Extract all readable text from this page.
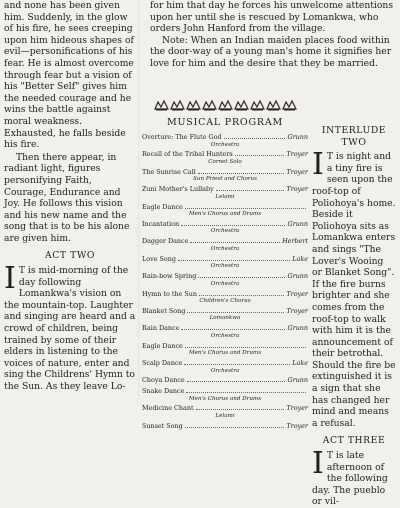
and none has been given him. Suddenly, in the glow of his fire, he sees creeping upon him hideous shapes of evil—personifications of his fear. He is almost overcome through fear but a vision of his "Better Self" gives him the needed courage and he wins the battle against moral weakness. Exhausted, he falls beside his fire.

Then there appear, in radiant light, figures personifying Faith, Courage, Endurance and Joy. He follows this vision and his new name and the song that is to be his alone are given him.

ACT TWO

I T is mid-morning of the day following Lomankwa's vision on the mountain-top. Laughter and singing are heard and a crowd of children, being trained by some of their elders in listening to the voices of nature, enter and sing the Childrens' Hymn to the Sun. As they leave Lo-

for him that day he forces his unwelcome attentions upon her until she is rescued by Lomankwa, who orders John Hanford from the village.

Note: When an Indian maiden places food within the door-way of a young man's home it signifies her love for him and the desire that they be married.

MUSICAL PROGRAM
Overture: The Flute God	Grunn
Orchestra
Recall of the Tribal Hunters	Troyer
Cornet Solo
The Sunrise Call	Troyer
Sun Priest and Chorus
Zuni Mother's Lullaby	Troyer
Lelami
Eagle Dance
Men's Chorus and Drums
Incantation	Grunn
Orchestra
Dagger Dance	Herbert
Orchestra
Love Song	Lake
Orchestra
Rain-bow Spring	Grunn
Orchestra
Hymn to the Sun	Troyer
Children's Chorus
Blanket Song	Troyer
Lomankwa
Rain Dance	Grunn
Orchestra
Eagle Dance
Men's Chorus and Drums
Scalp Dance	Lake
Orchestra
Choya Dance	Grunn
Snake Dance
Men's Chorus and Drums
Medicine Chant	Troyer
Lelami
Sunset Song	Troyer
INTERLUDE TWO

I T is night and a tiny fire is seen upon the roof-top of Poliohoya's home. Beside it Poliohoya sits as Lomankwa enters and sings "The Lover's Wooing or Blanket Song". If the fire burns brighter and she comes from the roof-top to walk with him it is the announcement of their betrothal. Should the fire be extinguished it is a sign that she has changed her mind and means a refusal.

ACT THREE

I T is late afternoon of the following day. The pueblo or vil-
